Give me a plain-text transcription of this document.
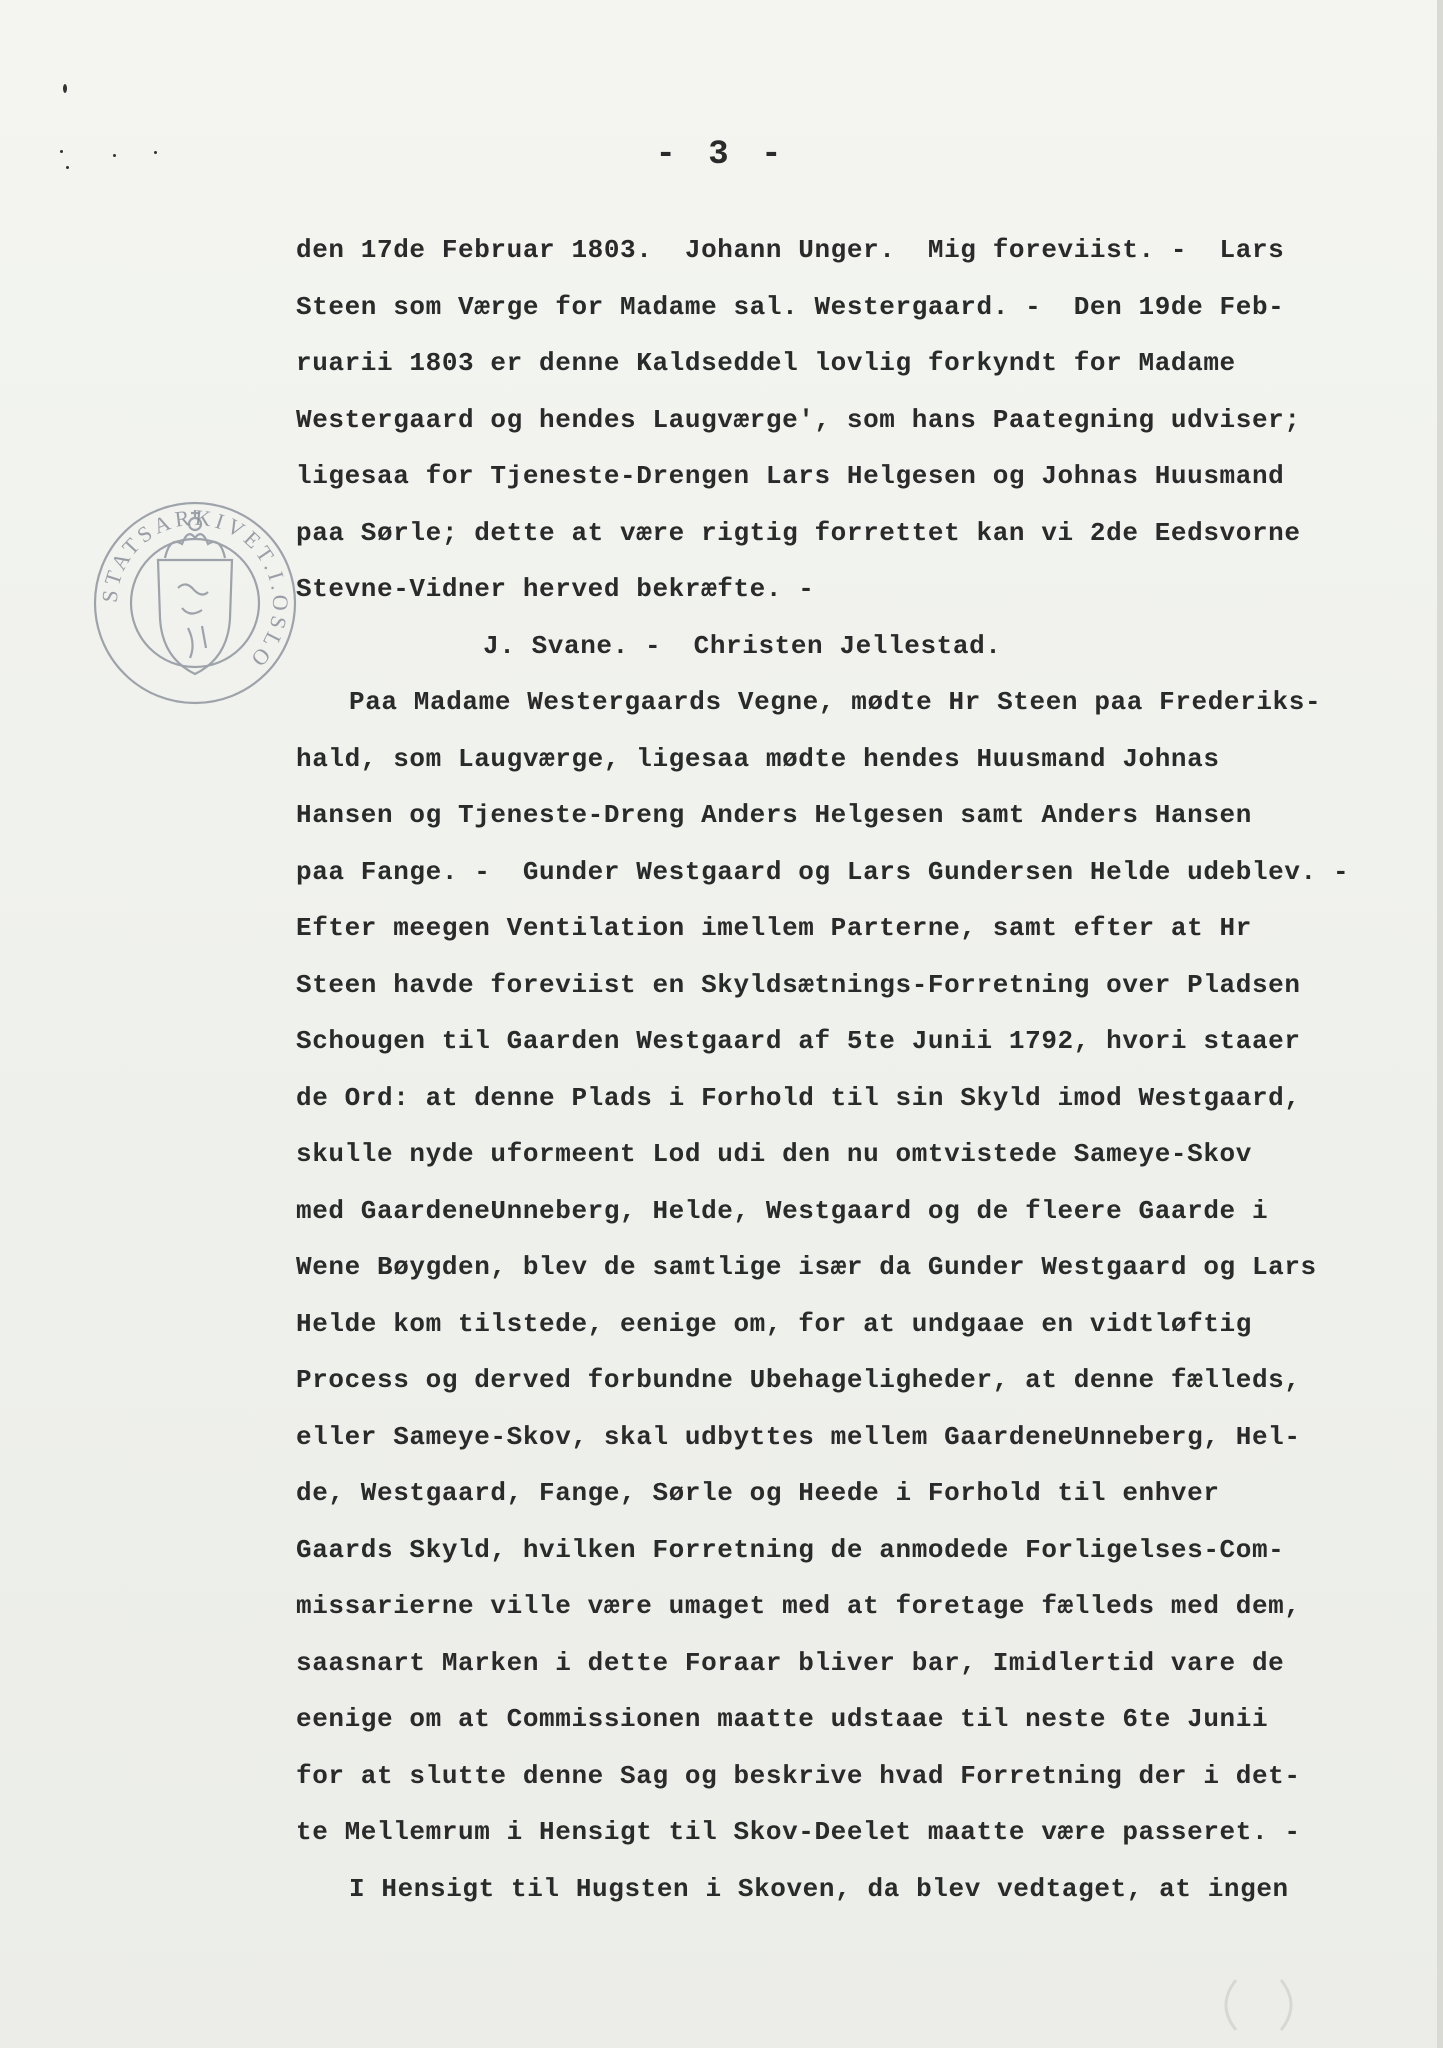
- 3 -
STATSARKIVET.I.OSLO
den 17de Februar 1803.  Johann Unger.  Mig foreviist. -  Lars
Steen som Værge for Madame sal. Westergaard. -  Den 19de Feb-
ruarii 1803 er denne Kaldseddel lovlig forkyndt for Madame
Westergaard og hendes Laugværge', som hans Paategning udviser;
ligesaa for Tjeneste-Drengen Lars Helgesen og Johnas Huusmand
paa Sørle; dette at være rigtig forrettet kan vi 2de Eedsvorne
Stevne-Vidner herved bekræfte. -
J. Svane. -  Christen Jellestad.
Paa Madame Westergaards Vegne, mødte Hr Steen paa Frederiks-
hald, som Laugværge, ligesaa mødte hendes Huusmand Johnas
Hansen og Tjeneste-Dreng Anders Helgesen samt Anders Hansen
paa Fange. -  Gunder Westgaard og Lars Gundersen Helde udeblev. -
Efter meegen Ventilation imellem Parterne, samt efter at Hr
Steen havde foreviist en Skyldsætnings-Forretning over Pladsen
Schougen til Gaarden Westgaard af 5te Junii 1792, hvori staaer
de Ord: at denne Plads i Forhold til sin Skyld imod Westgaard,
skulle nyde uformeent Lod udi den nu omtvistede Sameye-Skov
med GaardeneUnneberg, Helde, Westgaard og de fleere Gaarde i
Wene Bøygden, blev de samtlige især da Gunder Westgaard og Lars
Helde kom tilstede, eenige om, for at undgaae en vidtløftig
Process og derved forbundne Ubehageligheder, at denne fælleds,
eller Sameye-Skov, skal udbyttes mellem GaardeneUnneberg, Hel-
de, Westgaard, Fange, Sørle og Heede i Forhold til enhver
Gaards Skyld, hvilken Forretning de anmodede Forligelses-Com-
missarierne ville være umaget med at foretage fælleds med dem,
saasnart Marken i dette Foraar bliver bar, Imidlertid vare de
eenige om at Commissionen maatte udstaae til neste 6te Junii
for at slutte denne Sag og beskrive hvad Forretning der i det-
te Mellemrum i Hensigt til Skov-Deelet maatte være passeret. -
I Hensigt til Hugsten i Skoven, da blev vedtaget, at ingen
